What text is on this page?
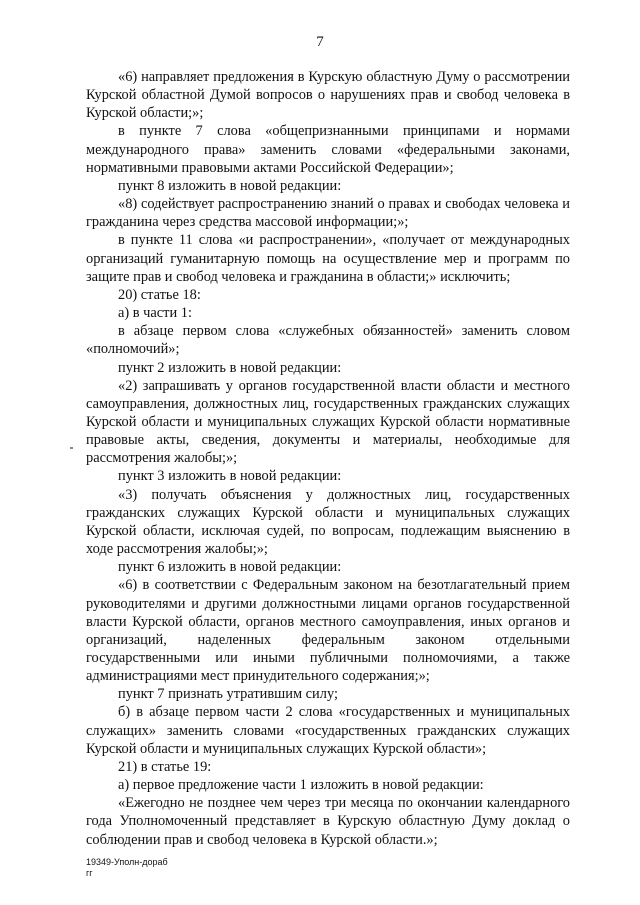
7

«6) направляет предложения в Курскую областную Думу о рассмотрении Курской областной Думой вопросов о нарушениях прав и свобод человека в Курской области;»;

в пункте 7 слова «общепризнанными принципами и нормами международного права» заменить словами «федеральными законами, нормативными правовыми актами Российской Федерации»;

пункт 8 изложить в новой редакции:

«8) содействует распространению знаний о правах и свободах человека и гражданина через средства массовой информации;»;

в пункте 11 слова «и распространении», «получает от международных организаций гуманитарную помощь на осуществление мер и программ по защите прав и свобод человека и гражданина в области;» исключить;

20) статье 18:

а) в части 1:

в абзаце первом слова «служебных обязанностей» заменить словом «полномочий»;

пункт 2 изложить в новой редакции:

«2) запрашивать у органов государственной власти области и местного самоуправления, должностных лиц, государственных гражданских служащих Курской области и муниципальных служащих Курской области нормативные правовые акты, сведения, документы и материалы, необходимые для рассмотрения жалобы;»;

пункт 3 изложить в новой редакции:

«3) получать объяснения у должностных лиц, государственных гражданских служащих Курской области и муниципальных служащих Курской области, исключая судей, по вопросам, подлежащим выяснению в ходе рассмотрения жалобы;»;

пункт 6 изложить в новой редакции:

«6) в соответствии с Федеральным законом на безотлагательный прием руководителями и другими должностными лицами органов государственной власти Курской области, органов местного самоуправления, иных органов и организаций, наделенных федеральным законом отдельными государственными или иными публичными полномочиями, а также администрациями мест принудительного содержания;»;

пункт 7 признать утратившим силу;

б) в абзаце первом части 2 слова «государственных и муниципальных служащих» заменить словами «государственных гражданских служащих Курской области и муниципальных служащих Курской области»;

21) в статье 19:

а) первое предложение части 1 изложить в новой редакции:

«Ежегодно не позднее чем через три месяца по окончании календарного года Уполномоченный представляет в Курскую областную Думу доклад о соблюдении прав и свобод человека в Курской области.»;

19349-Уполн-дораб
гг
